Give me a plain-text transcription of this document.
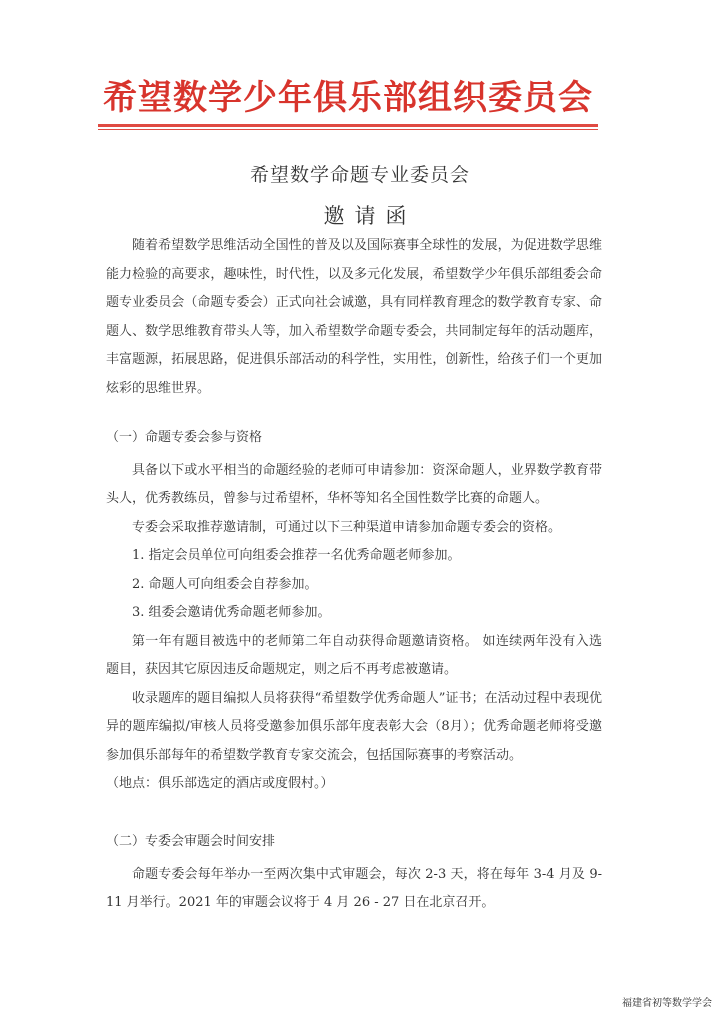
希望数学少年俱乐部组织委员会
希望数学命题专业委员会
邀请函

随着希望数学思维活动全国性的普及以及国际赛事全球性的发展，为促进数学思维能力检验的高要求，趣味性，时代性，以及多元化发展，希望数学少年俱乐部组委会命题专业委员会（命题专委会）正式向社会诚邀，具有同样教育理念的数学教育专家、命题人、数学思维教育带头人等，加入希望数学命题专委会，共同制定每年的活动题库，丰富题源，拓展思路，促进俱乐部活动的科学性，实用性，创新性，给孩子们一个更加炫彩的思维世界。

（一）命题专委会参与资格

具备以下或水平相当的命题经验的老师可申请参加：资深命题人，业界数学教育带头人，优秀教练员，曾参与过希望杯，华杯等知名全国性数学比赛的命题人。

专委会采取推荐邀请制，可通过以下三种渠道申请参加命题专委会的资格。

1. 指定会员单位可向组委会推荐一名优秀命题老师参加。

2. 命题人可向组委会自荐参加。

3. 组委会邀请优秀命题老师参加。

第一年有题目被选中的老师第二年自动获得命题邀请资格。 如连续两年没有入选题目，获因其它原因违反命题规定，则之后不再考虑被邀请。

收录题库的题目编拟人员将获得“希望数学优秀命题人”证书；在活动过程中表现优异的题库编拟/审核人员将受邀参加俱乐部年度表彰大会（8月）；优秀命题老师将受邀参加俱乐部每年的希望数学教育专家交流会，包括国际赛事的考察活动。

（地点：俱乐部选定的酒店或度假村。）

（二）专委会审题会时间安排

命题专委会每年举办一至两次集中式审题会，每次 2-3 天，将在每年 3-4 月及 9-11 月举行。2021 年的审题会议将于 4 月 26 - 27 日在北京召开。

福建省初等数学学会
